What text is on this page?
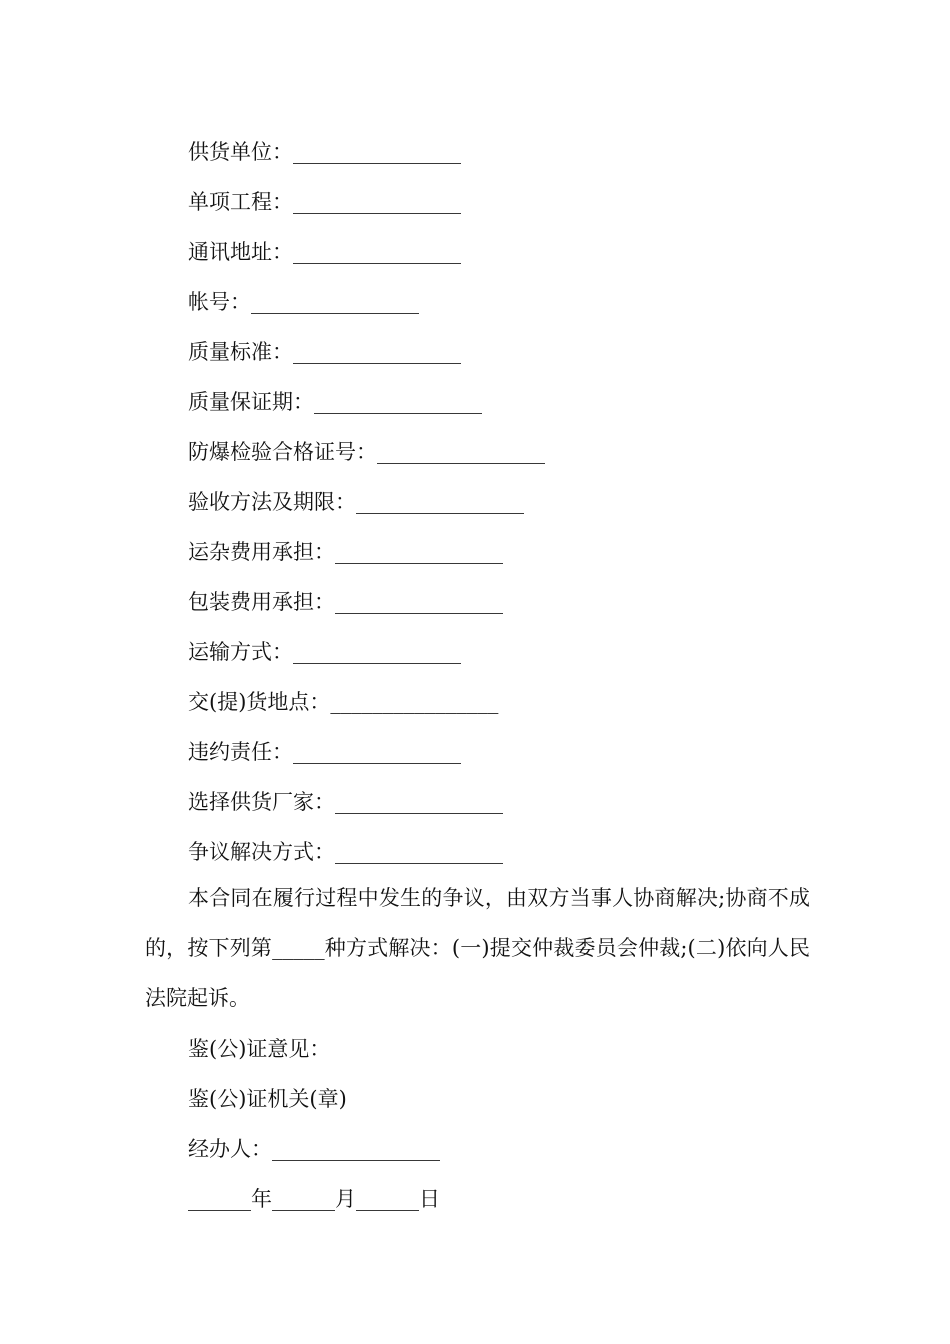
供货单位：________________
单项工程：________________
通讯地址：________________
帐号：________________
质量标准：________________
质量保证期：________________
防爆检验合格证号：________________
验收方法及期限：________________
运杂费用承担：________________
包装费用承担：________________
运输方式：________________
交(提)货地点：________________
违约责任：________________
选择供货厂家：________________
争议解决方式：________________
本合同在履行过程中发生的争议，由双方当事人协商解决;协商不成的，按下列第_____种方式解决：(一)提交仲裁委员会仲裁;(二)依向人民法院起诉。
鉴(公)证意见：
鉴(公)证机关(章)
经办人：________________
______年______月______日
